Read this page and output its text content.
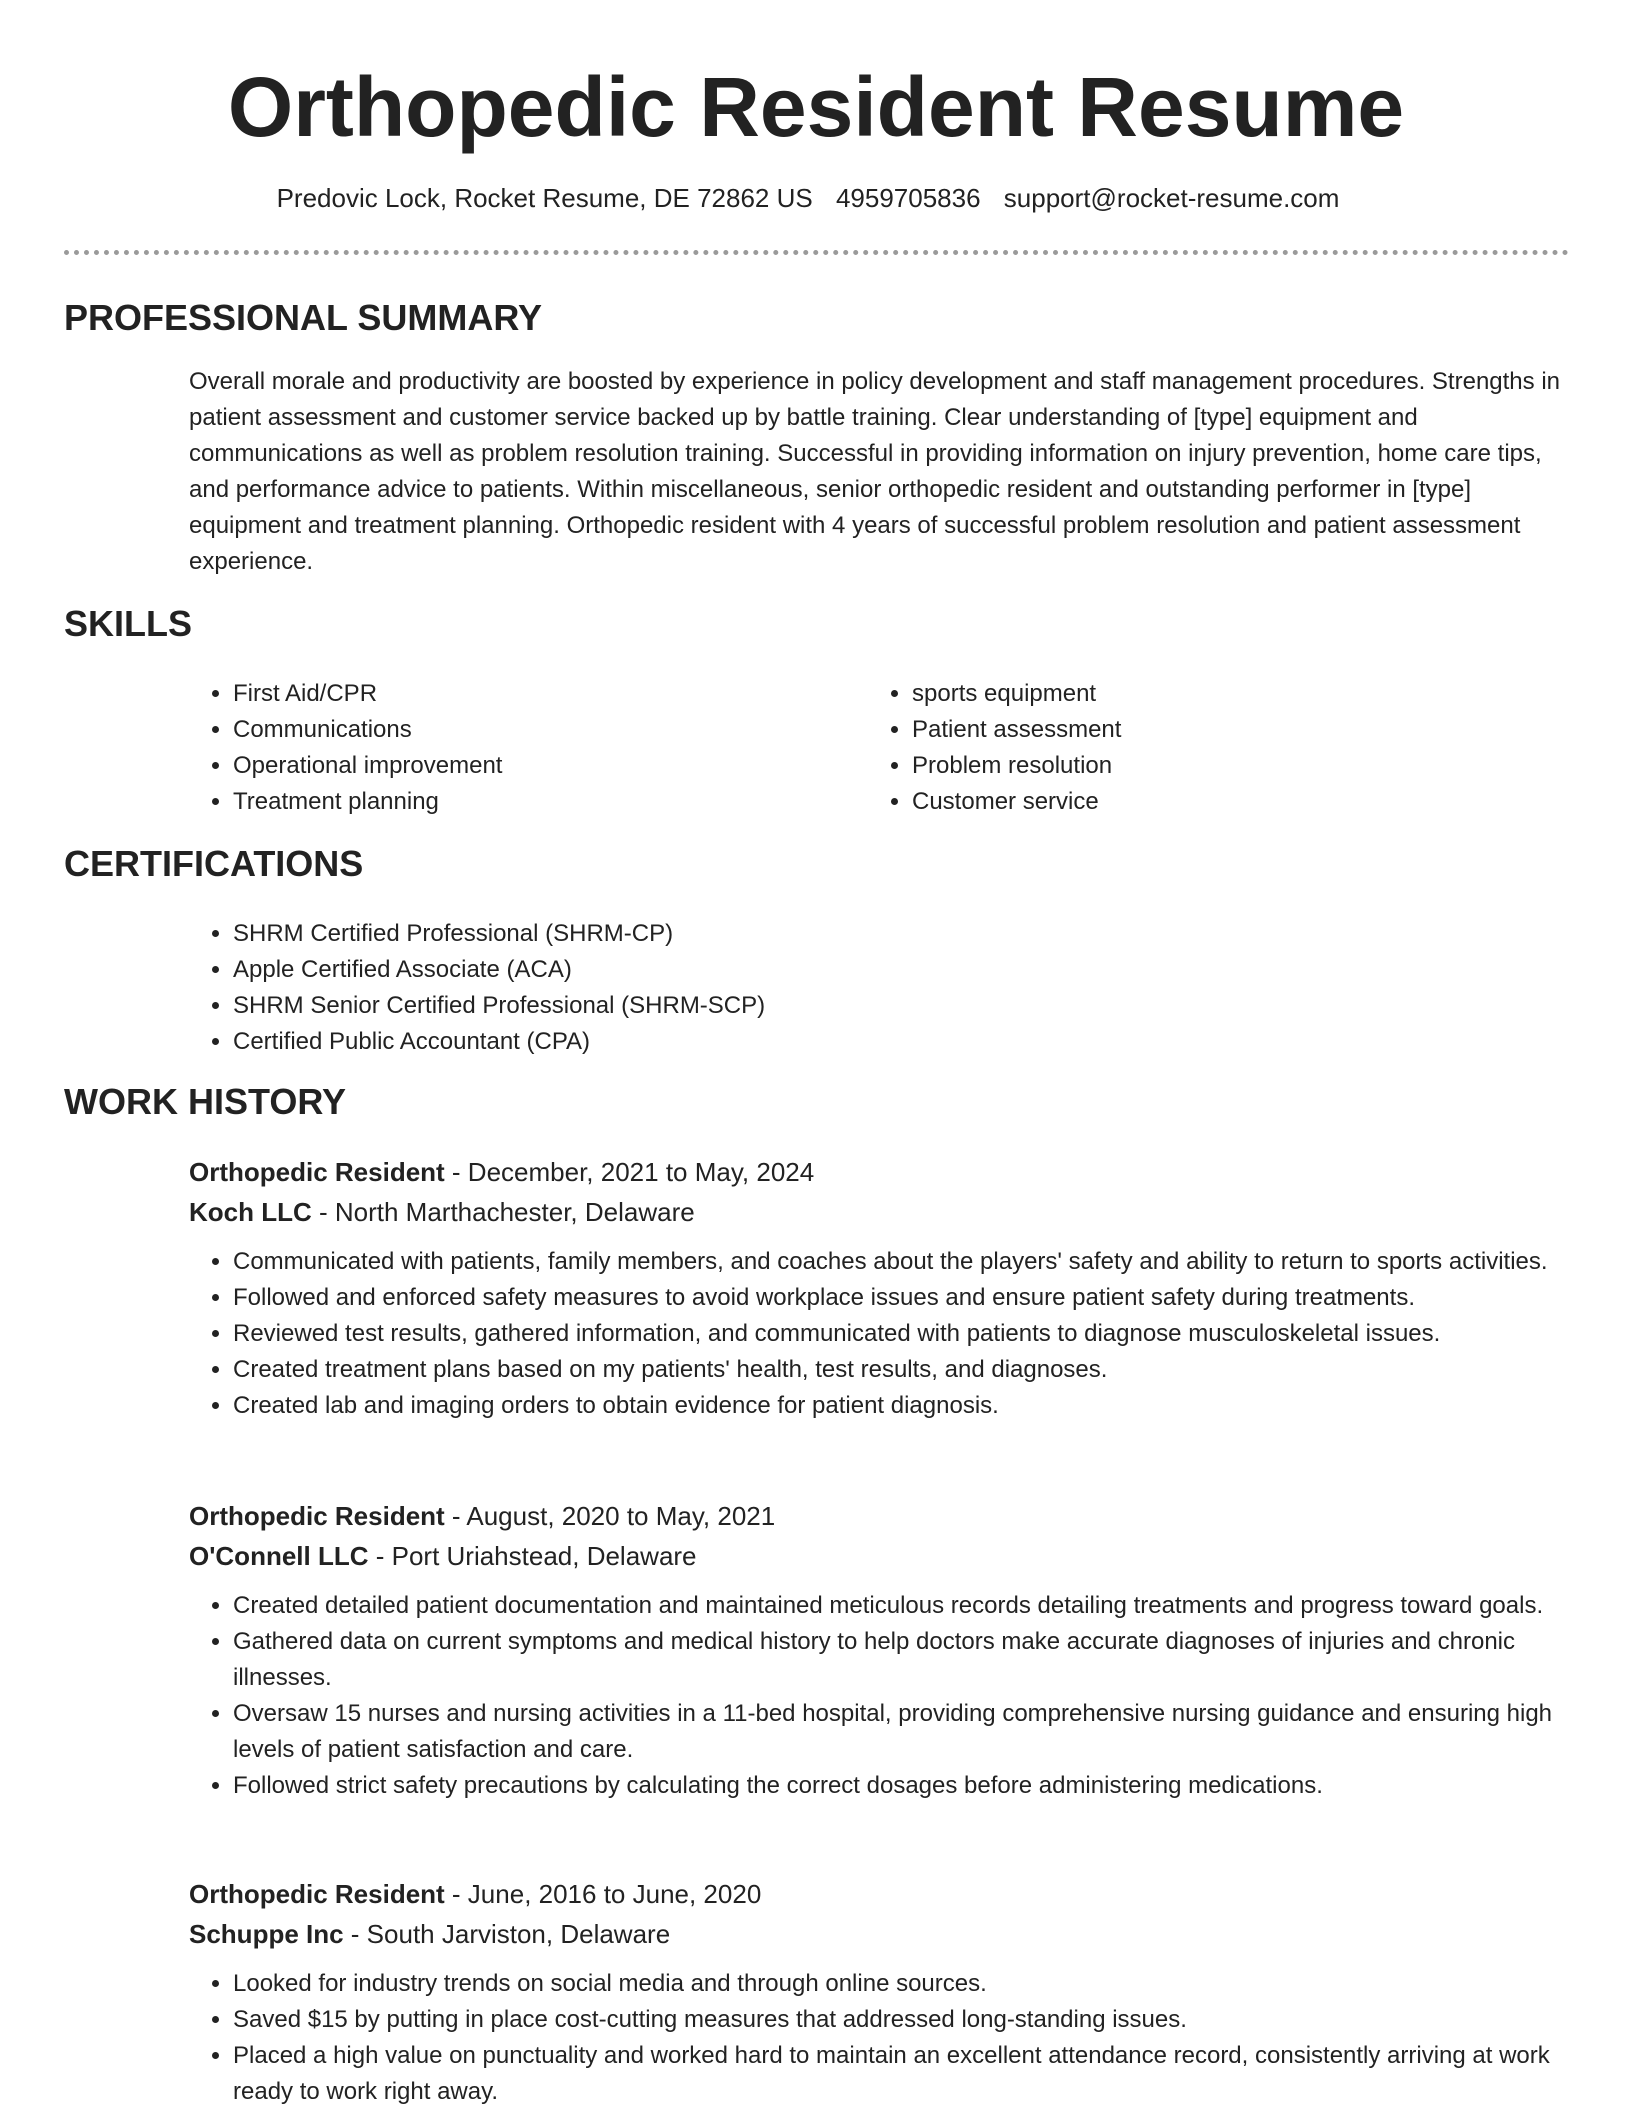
Orthopedic Resident Resume
Predovic Lock, Rocket Resume, DE 72862 US 4959705836 support@rocket-resume.com
PROFESSIONAL SUMMARY

Overall morale and productivity are boosted by experience in policy development and staff management procedures. Strengths in patient assessment and customer service backed up by battle training. Clear understanding of [type] equipment and communications as well as problem resolution training. Successful in providing information on injury prevention, home care tips, and performance advice to patients. Within miscellaneous, senior orthopedic resident and outstanding performer in [type] equipment and treatment planning. Orthopedic resident with 4 years of successful problem resolution and patient assessment experience.

SKILLS
• First Aid/CPR
• Communications
• Operational improvement
• Treatment planning
• sports equipment
• Patient assessment
• Problem resolution
• Customer service
CERTIFICATIONS
• SHRM Certified Professional (SHRM-CP)
• Apple Certified Associate (ACA)
• SHRM Senior Certified Professional (SHRM-SCP)
• Certified Public Accountant (CPA)
WORK HISTORY

Orthopedic Resident - December, 2021 to May, 2024

Koch LLC - North Marthachester, Delaware

• Communicated with patients, family members, and coaches about the players' safety and ability to return to sports activities.
• Followed and enforced safety measures to avoid workplace issues and ensure patient safety during treatments.
• Reviewed test results, gathered information, and communicated with patients to diagnose musculoskeletal issues.
• Created treatment plans based on my patients' health, test results, and diagnoses.
• Created lab and imaging orders to obtain evidence for patient diagnosis.

Orthopedic Resident - August, 2020 to May, 2021

O'Connell LLC - Port Uriahstead, Delaware

• Created detailed patient documentation and maintained meticulous records detailing treatments and progress toward goals.
• Gathered data on current symptoms and medical history to help doctors make accurate diagnoses of injuries and chronic illnesses.
• Oversaw 15 nurses and nursing activities in a 11-bed hospital, providing comprehensive nursing guidance and ensuring high levels of patient satisfaction and care.
• Followed strict safety precautions by calculating the correct dosages before administering medications.

Orthopedic Resident - June, 2016 to June, 2020

Schuppe Inc - South Jarviston, Delaware

• Looked for industry trends on social media and through online sources.
• Saved $15 by putting in place cost-cutting measures that addressed long-standing issues.
• Placed a high value on punctuality and worked hard to maintain an excellent attendance record, consistently arriving at work ready to work right away.
